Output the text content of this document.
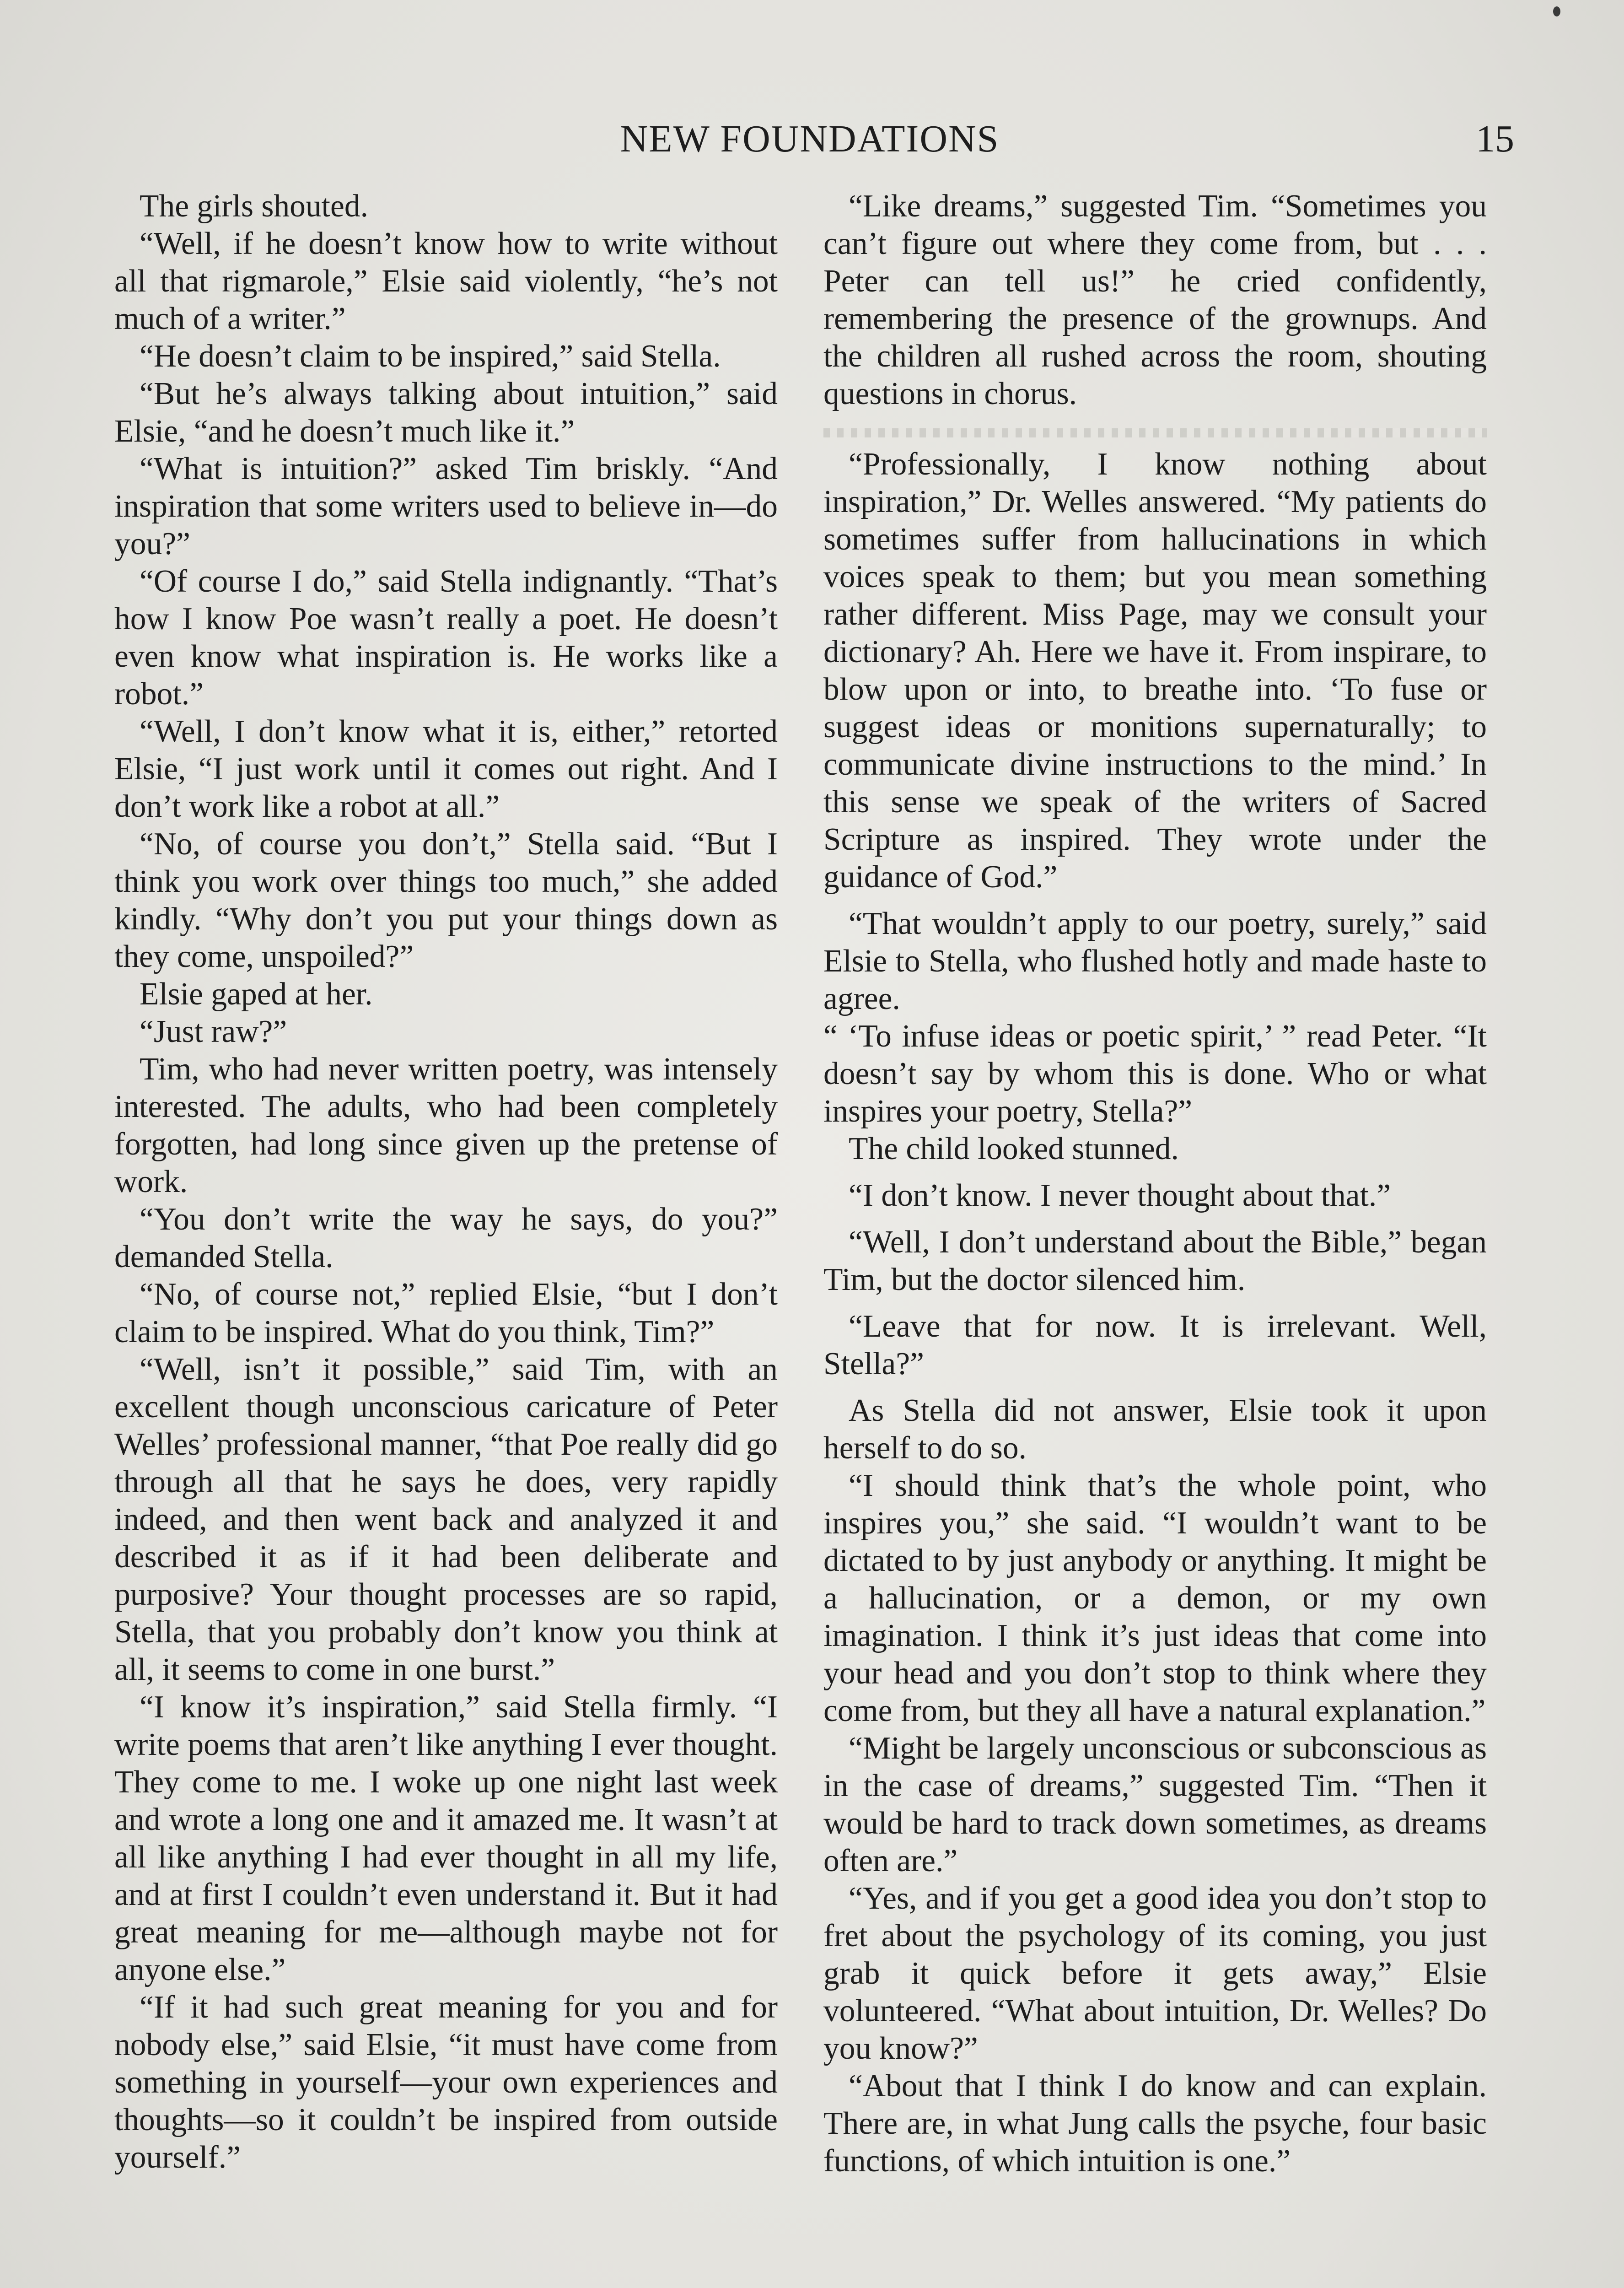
NEW FOUNDATIONS	15

The girls shouted.

“Well, if he doesn’t know how to write without all that rigmarole,” Elsie said violently, “he’s not much of a writer.”

“He doesn’t claim to be inspired,” said Stella.

“But he’s always talking about intuition,” said Elsie, “and he doesn’t much like it.”

“What is intuition?” asked Tim briskly. “And inspiration that some writers used to believe in—do you?”

“Of course I do,” said Stella indignantly. “That’s how I know Poe wasn’t really a poet. He doesn’t even know what inspiration is. He works like a robot.”

“Well, I don’t know what it is, either,” retorted Elsie, “I just work until it comes out right. And I don’t work like a robot at all.”

“No, of course you don’t,” Stella said. “But I think you work over things too much,” she added kindly. “Why don’t you put your things down as they come, unspoiled?”

Elsie gaped at her.

“Just raw?”

Tim, who had never written poetry, was intensely interested. The adults, who had been completely forgotten, had long since given up the pretense of work.

“You don’t write the way he says, do you?” demanded Stella.

“No, of course not,” replied Elsie, “but I don’t claim to be inspired. What do you think, Tim?”

“Well, isn’t it possible,” said Tim, with an excellent though unconscious caricature of Peter Welles’ professional manner, “that Poe really did go through all that he says he does, very rapidly indeed, and then went back and analyzed it and described it as if it had been deliberate and purposive? Your thought processes are so rapid, Stella, that you probably don’t know you think at all, it seems to come in one burst.”

“I know it’s inspiration,” said Stella firmly. “I write poems that aren’t like anything I ever thought. They come to me. I woke up one night last week and wrote a long one and it amazed me. It wasn’t at all like anything I had ever thought in all my life, and at first I couldn’t even understand it. But it had great meaning for me—although maybe not for anyone else.”

“If it had such great meaning for you and for nobody else,” said Elsie, “it must have come from something in yourself—your own experiences and thoughts—so it couldn’t be inspired from outside yourself.”

“Like dreams,” suggested Tim. “Sometimes you can’t figure out where they come from, but . . . Peter can tell us!” he cried confidently, remembering the presence of the grownups. And the children all rushed across the room, shouting questions in chorus.

“Professionally, I know nothing about inspiration,” Dr. Welles answered. “My patients do sometimes suffer from hallucinations in which voices speak to them; but you mean something rather different. Miss Page, may we consult your dictionary? Ah. Here we have it. From inspirare, to blow upon or into, to breathe into. ‘To fuse or suggest ideas or monitions supernaturally; to communicate divine instructions to the mind.’ In this sense we speak of the writers of Sacred Scripture as inspired. They wrote under the guidance of God.”

“That wouldn’t apply to our poetry, surely,” said Elsie to Stella, who flushed hotly and made haste to agree.

“ ‘To infuse ideas or poetic spirit,’ ” read Peter. “It doesn’t say by whom this is done. Who or what inspires your poetry, Stella?”

The child looked stunned.

“I don’t know. I never thought about that.”

“Well, I don’t understand about the Bible,” began Tim, but the doctor silenced him.

“Leave that for now. It is irrelevant. Well, Stella?”

As Stella did not answer, Elsie took it upon herself to do so.

“I should think that’s the whole point, who inspires you,” she said. “I wouldn’t want to be dictated to by just anybody or anything. It might be a hallucination, or a demon, or my own imagination. I think it’s just ideas that come into your head and you don’t stop to think where they come from, but they all have a natural explanation.”

“Might be largely unconscious or subconscious as in the case of dreams,” suggested Tim. “Then it would be hard to track down sometimes, as dreams often are.”

“Yes, and if you get a good idea you don’t stop to fret about the psychology of its coming, you just grab it quick before it gets away,” Elsie volunteered. “What about intuition, Dr. Welles? Do you know?”

“About that I think I do know and can explain. There are, in what Jung calls the psyche, four basic functions, of which intuition is one.”
